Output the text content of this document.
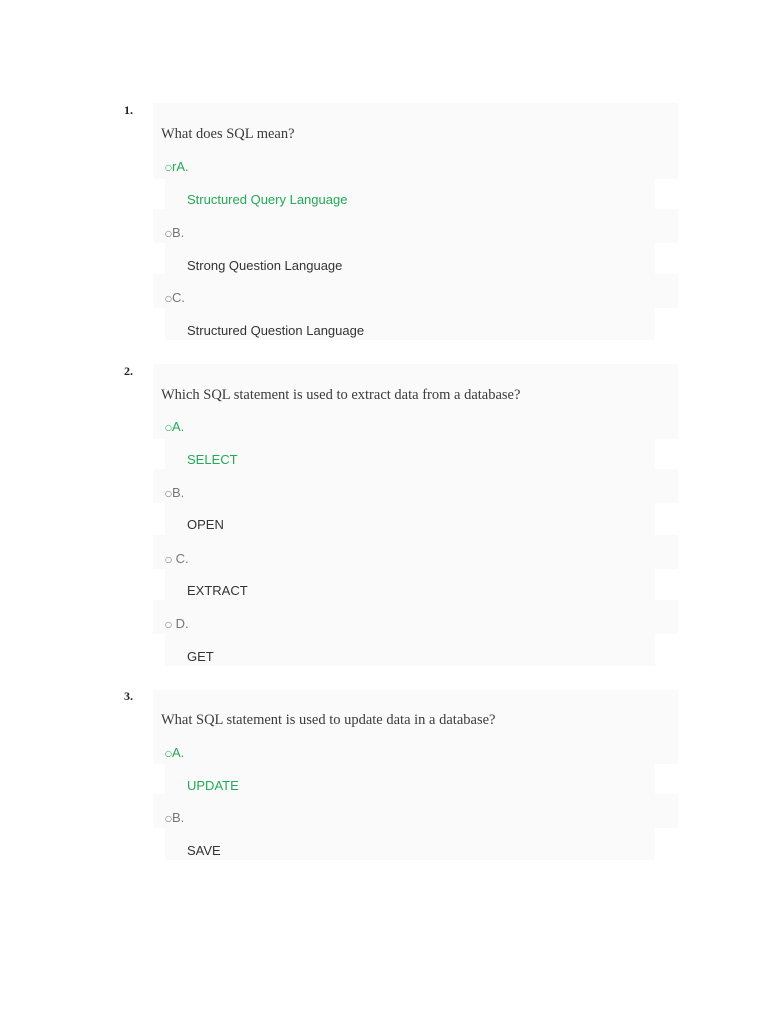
1.
What does SQL mean?
○rA.
Structured Query Language
○B.
Strong Question Language
○C.
Structured Question Language
2.
Which SQL statement is used to extract data from a database?
○A.
SELECT
○B.
OPEN
○ C.
EXTRACT
○ D.
GET
3.
What SQL statement is used to update data in a database?
○A.
UPDATE
○B.
SAVE
